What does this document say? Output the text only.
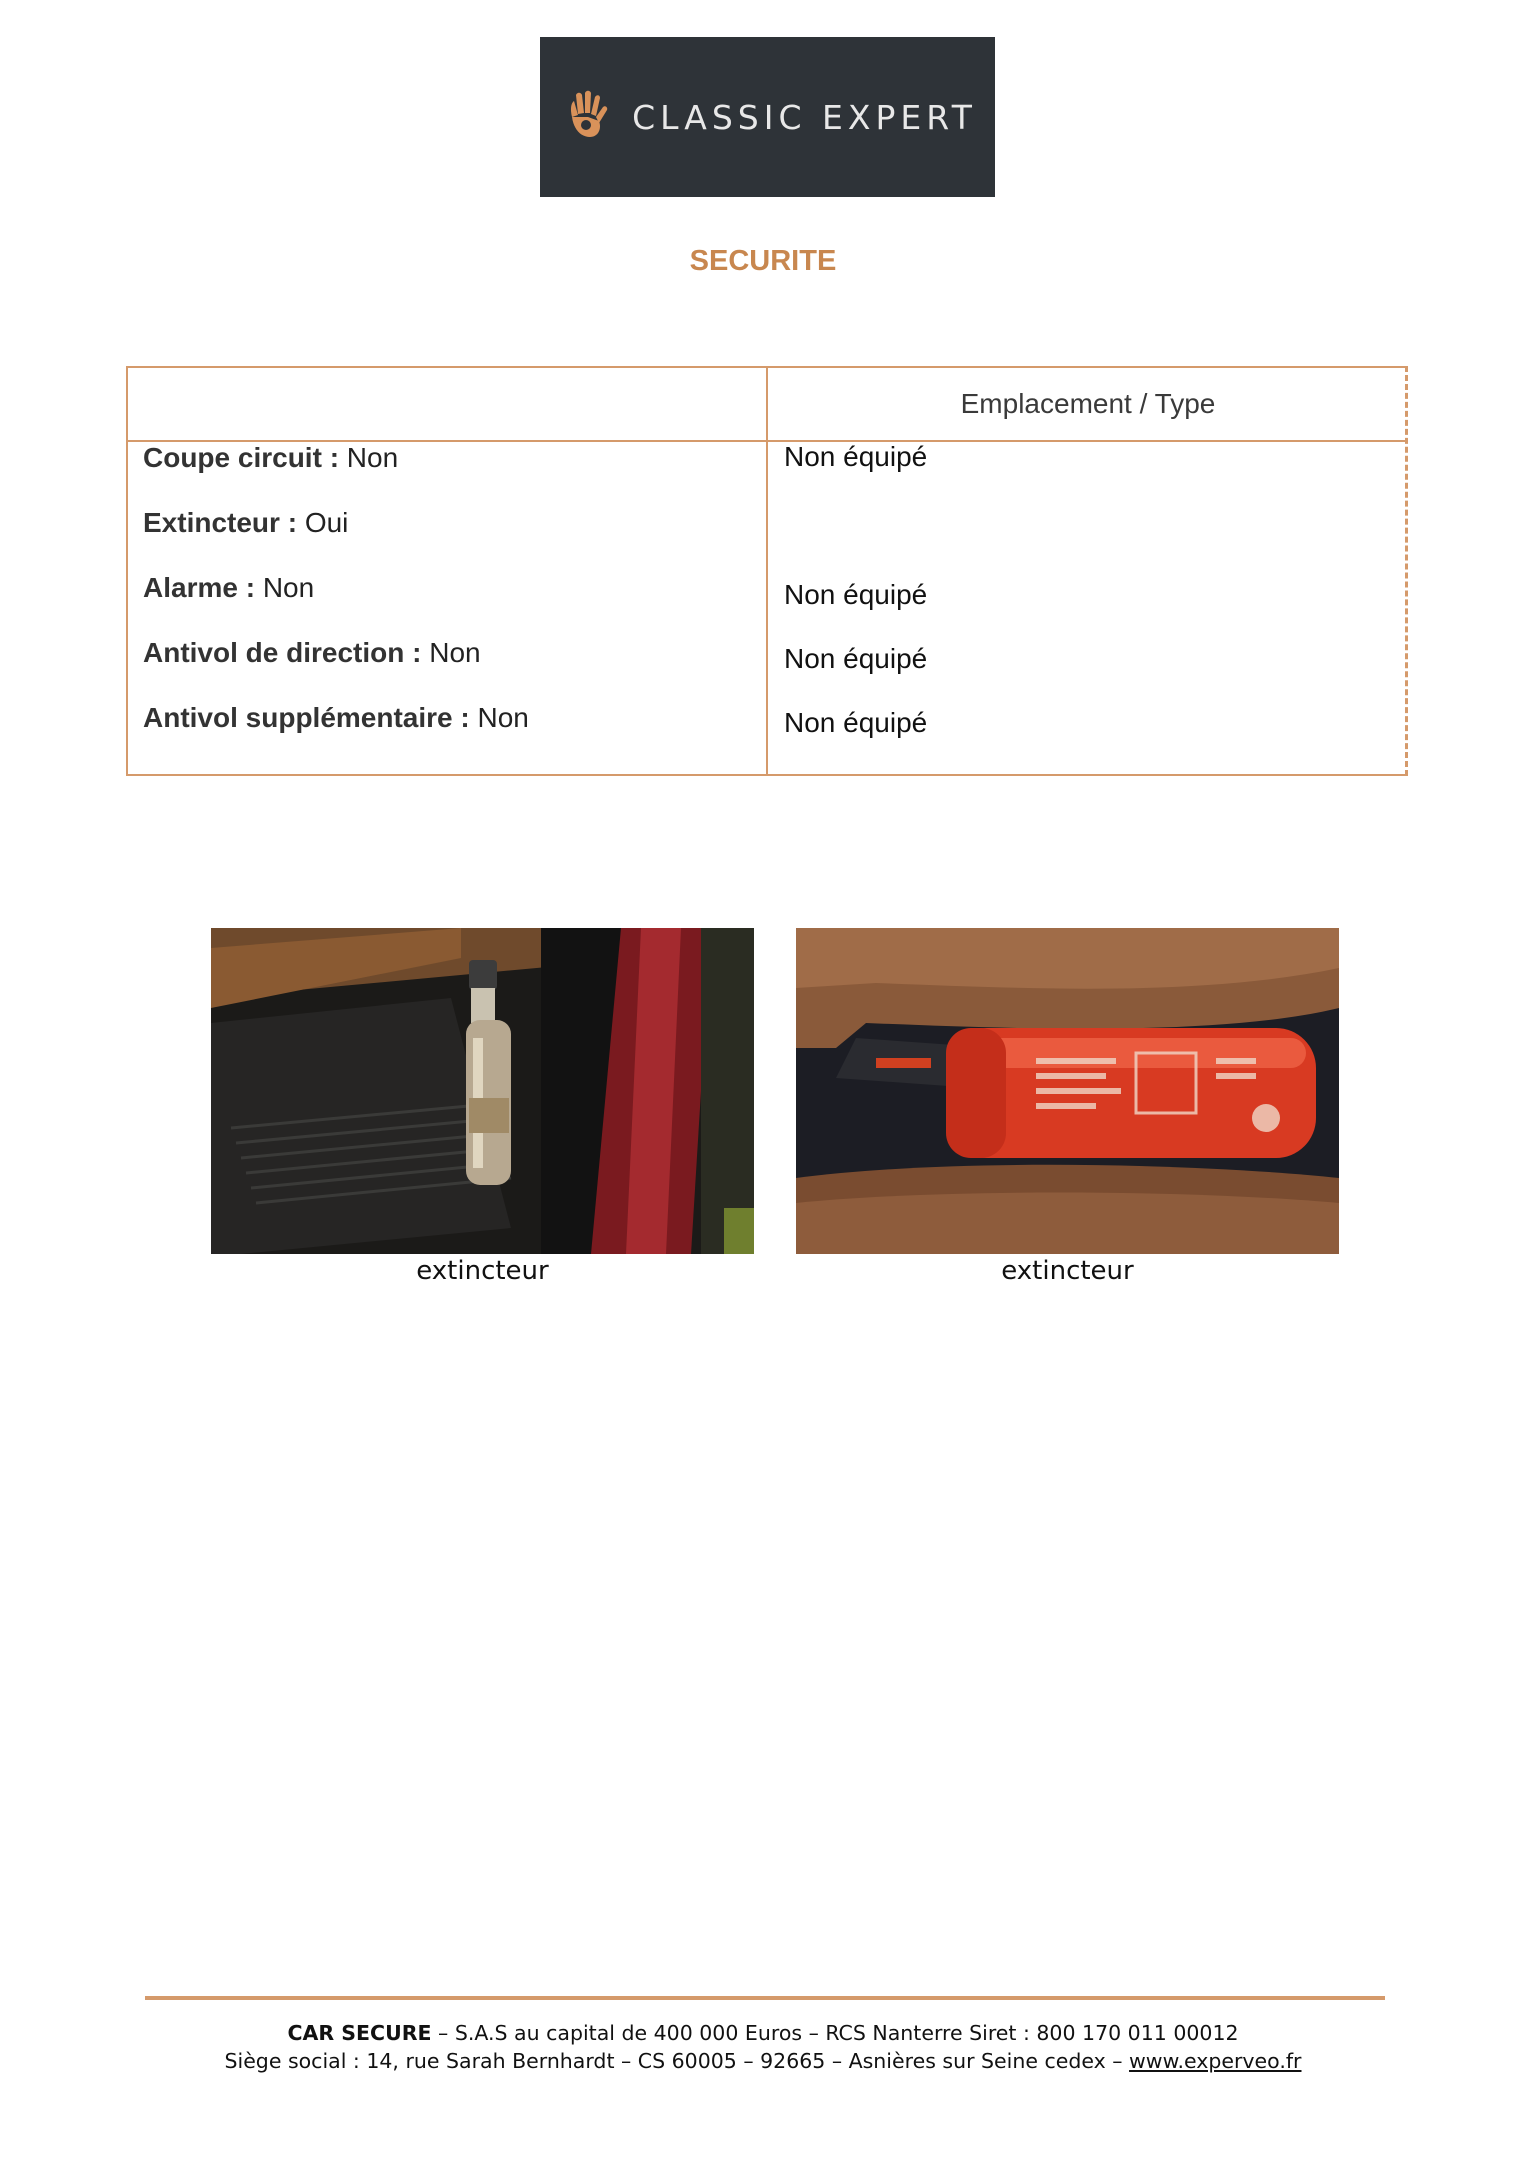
CLASSIC EXPERT
SECURITE
Emplacement / Type
Coupe circuit : Non	Non équipé
Extincteur : Oui
Alarme : Non	Non équipé
Antivol de direction : Non	Non équipé
Antivol supplémentaire : Non	Non équipé
extincteur	extincteur
CAR SECURE – S.A.S au capital de 400 000 Euros – RCS Nanterre Siret : 800 170 011 00012
Siège social : 14, rue Sarah Bernhardt – CS 60005 – 92665 – Asnières sur Seine cedex – www.experveo.fr
